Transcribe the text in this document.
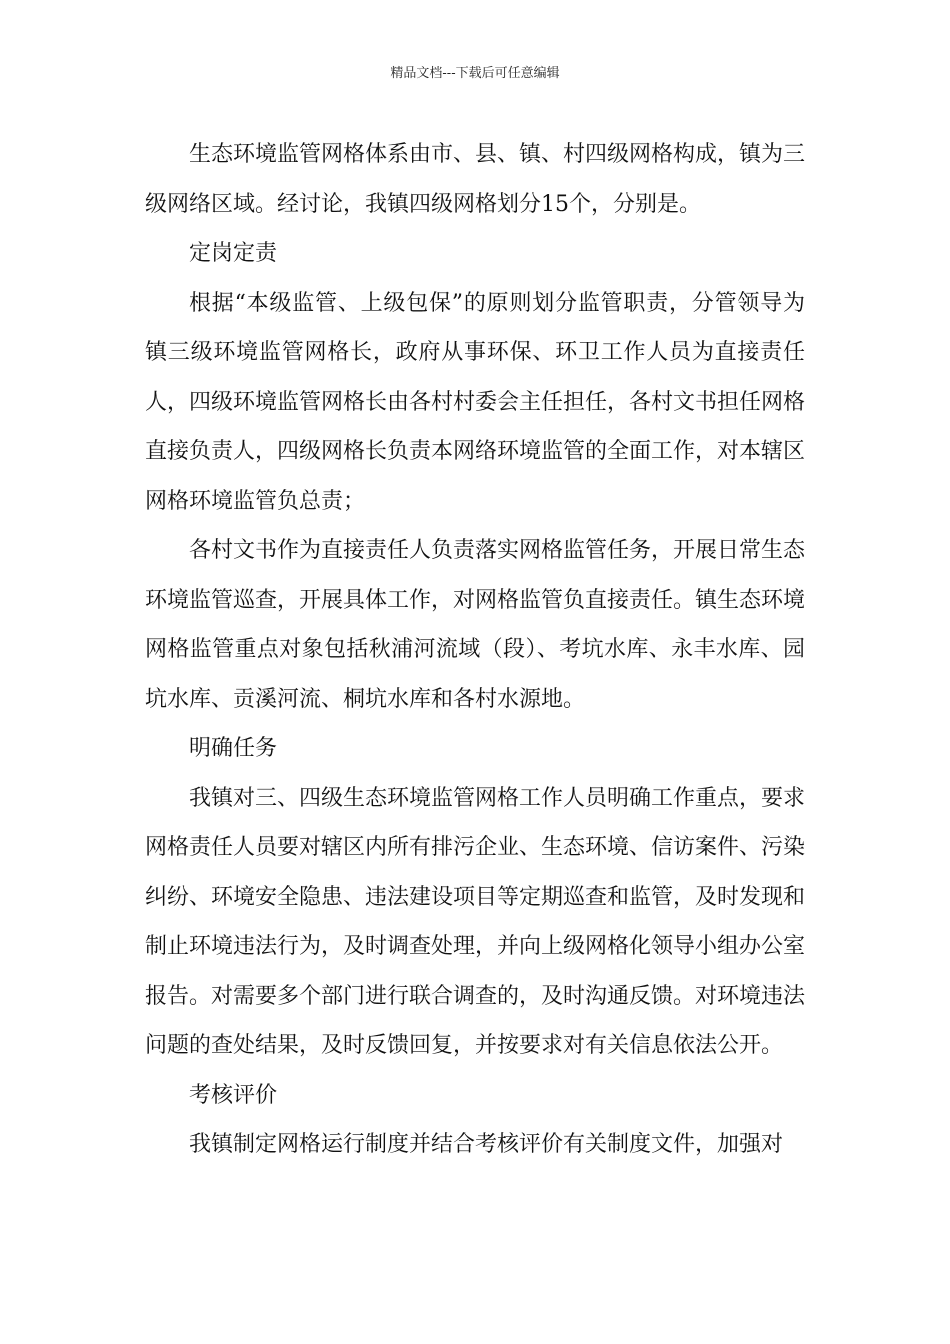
精品文档---下载后可任意编辑

生态环境监管网格体系由市、县、镇、村四级网格构成，镇为三级网络区域。经讨论，我镇四级网格划分15个，分别是。

定岗定责

根据“本级监管、上级包保”的原则划分监管职责，分管领导为镇三级环境监管网格长，政府从事环保、环卫工作人员为直接责任人，四级环境监管网格长由各村村委会主任担任，各村文书担任网格直接负责人，四级网格长负责本网络环境监管的全面工作，对本辖区网格环境监管负总责；

各村文书作为直接责任人负责落实网格监管任务，开展日常生态环境监管巡查，开展具体工作，对网格监管负直接责任。镇生态环境网格监管重点对象包括秋浦河流域（段）、考坑水库、永丰水库、园坑水库、贡溪河流、桐坑水库和各村水源地。

明确任务

我镇对三、四级生态环境监管网格工作人员明确工作重点，要求网格责任人员要对辖区内所有排污企业、生态环境、信访案件、污染纠纷、环境安全隐患、违法建设项目等定期巡查和监管，及时发现和制止环境违法行为，及时调查处理，并向上级网格化领导小组办公室报告。对需要多个部门进行联合调查的，及时沟通反馈。对环境违法问题的查处结果，及时反馈回复，并按要求对有关信息依法公开。

考核评价

我镇制定网格运行制度并结合考核评价有关制度文件，加强对
